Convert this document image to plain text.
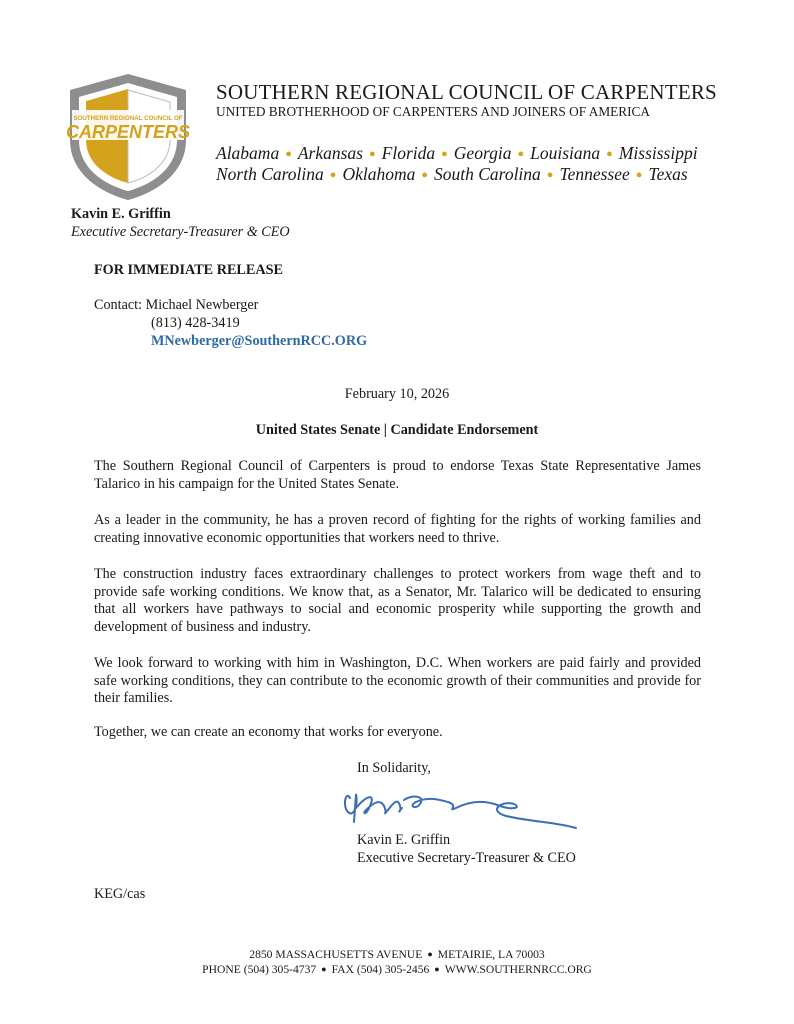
SOUTHERN REGIONAL COUNCIL OF
CARPENTERS
SOUTHERN REGIONAL COUNCIL OF CARPENTERS
UNITED BROTHERHOOD OF CARPENTERS AND JOINERS OF AMERICA
Alabama ● Arkansas ● Florida ● Georgia ● Louisiana ● Mississippi
North Carolina ● Oklahoma ● South Carolina ● Tennessee ● Texas
Kavin E. Griffin
Executive Secretary-Treasurer & CEO
FOR IMMEDIATE RELEASE
Contact: Michael Newberger
(813) 428-3419
MNewberger@SouthernRCC.ORG
February 10, 2026
United States Senate | Candidate Endorsement

The Southern Regional Council of Carpenters is proud to endorse Texas State Representative James Talarico in his campaign for the United States Senate.

As a leader in the community, he has a proven record of fighting for the rights of working families and creating innovative economic opportunities that workers need to thrive.

The construction industry faces extraordinary challenges to protect workers from wage theft and to provide safe working conditions. We know that, as a Senator, Mr. Talarico will be dedicated to ensuring that all workers have pathways to social and economic prosperity while supporting the growth and development of business and industry.

We look forward to working with him in Washington, D.C. When workers are paid fairly and provided safe working conditions, they can contribute to the economic growth of their communities and provide for their families.

Together, we can create an economy that works for everyone.

In Solidarity,
Kavin E. Griffin
Executive Secretary-Treasurer & CEO
KEG/cas
2850 MASSACHUSETTS AVENUE ● METAIRIE, LA 70003
PHONE (504) 305-4737 ● FAX (504) 305-2456 ● WWW.SOUTHERNRCC.ORG
